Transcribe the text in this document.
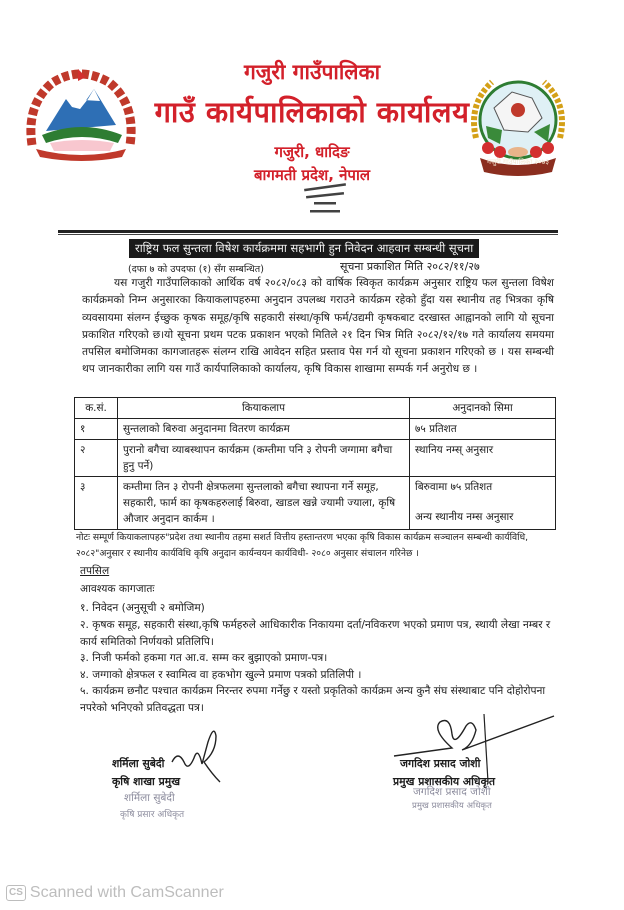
गजुरी गाउँपालिका २०७३
गजुरी गाउँपालिका
गाउँ कार्यपालिकाको कार्यालय
गजुरी, धादिङ
बागमती प्रदेश, नेपाल
राष्ट्रिय फल सुन्तला विषेश कार्यक्रममा सहभागी हुन निवेदन आहवान सम्बन्धी सूचना
(दफा ७ को उपदफा (१) सँग सम्बन्धित)	सूचना प्रकाशित मिति २०८२/११/२७
यस गजुरी गाउँपालिकाको आर्थिक वर्ष २०८२/०८३ को वार्षिक स्विकृत कार्यक्रम अनुसार राष्ट्रिय फल सुन्तला विषेश कार्यक्रमको निम्न अनुसारका कियाकलापहरुमा अनुदान उपलब्ध गराउने कार्यक्रम रहेको हुँदा यस स्थानीय तह भित्रका कृषि व्यवसायमा संलग्न ईच्छुक कृषक समूह/कृषि सहकारी संस्था/कृषि फर्म/उद्यमी कृषकबाट दरखास्त आह्वानको लागि यो सूचना प्रकाशित गरिएको छ।यो सूचना प्रथम पटक प्रकाशन भएको मितिले २१ दिन भित्र मिति २०८२/१२/१७ गते कार्यालय समयमा तपसिल बमोजिमका कागजातहरू संलग्न राखि आवेदन सहित प्रस्ताव पेस गर्न यो सूचना प्रकाशन गरिएको छ । यस सम्बन्धी थप जानकारीका लागि यस गाउँ कार्यपालिकाको कार्यालय, कृषि विकास शाखामा सम्पर्क गर्न अनुरोध छ ।
क.सं.	कियाकलाप	अनुदानको सिमा
१	सुन्तलाको बिरुवा अनुदानमा वितरण कार्यक्रम	७५ प्रतिशत
२	पुरानो बगैचा व्याबस्थापन कार्यक्रम (कम्तीमा पनि ३ रोपनी जग्गामा बगैचा हुनु पर्ने)	स्थानिय नम्स् अनुसार
३	कम्तीमा तिन ३ रोपनी क्षेत्रफलमा सुन्तलाको बगैचा स्थापना गर्ने समूह, सहकारी, फार्म का कृषकहरुलाई बिरुवा, खाडल खन्ने ज्यामी ज्याला, कृषि औजार अनुदान कार्कम ।	बिरुवामा ७५ प्रतिशत
अन्य स्थानीय नम्स अनुसार
नोटः सम्पूर्ण कियाकलापहरु"प्रदेश तथा स्थानीय तहमा सशर्त वित्तीय हस्तान्तरण भएका कृषि विकास कार्यक्रम सञ्चालन सम्बन्धी कार्यविधि, २०८२"अनुसार र स्थानीय कार्यविधि कृषि अनुदान कार्यन्वयन कार्यविधी- २०८० अनुसार संचालन गरिनेछ ।
तपसिल
आवश्यक कागजातः
१. निवेदन (अनुसूची २ बमोजिम)
२. कृषक समूह, सहकारी संस्था,कृषि फर्महरुले आधिकारीक निकायमा दर्ता/नविकरण भएको प्रमाण पत्र, स्थायी लेखा नम्बर र कार्य समितिको निर्णयको प्रतिलिपि।
३. निजी फर्मको हकमा गत आ.व. सम्म कर बुझाएको प्रमाण-पत्र।
४. जग्गाको क्षेत्रफल र स्वामित्व वा हकभोग खुल्ने प्रमाण पत्रको प्रतिलिपी ।
५. कार्यक्रम छनौट पश्चात कार्यक्रम निरन्तर रुपमा गर्नेछु र यस्तो प्रकृतिको कार्यक्रम अन्य कुनै संघ संस्थाबाट पनि दोहोरोपना नपरेको भनिएको प्रतिवद्धता पत्र।
शर्मिला सुबेदी
कृषि शाखा प्रमुख
शर्मिला सुबेदी
कृषि प्रसार अधिकृत
जगदिश प्रसाद जोशी
प्रमुख प्रशासकीय अधिकृत
जगदिश प्रसाद जोशी
प्रमुख प्रशासकीय अधिकृत
CS Scanned with CamScanner
